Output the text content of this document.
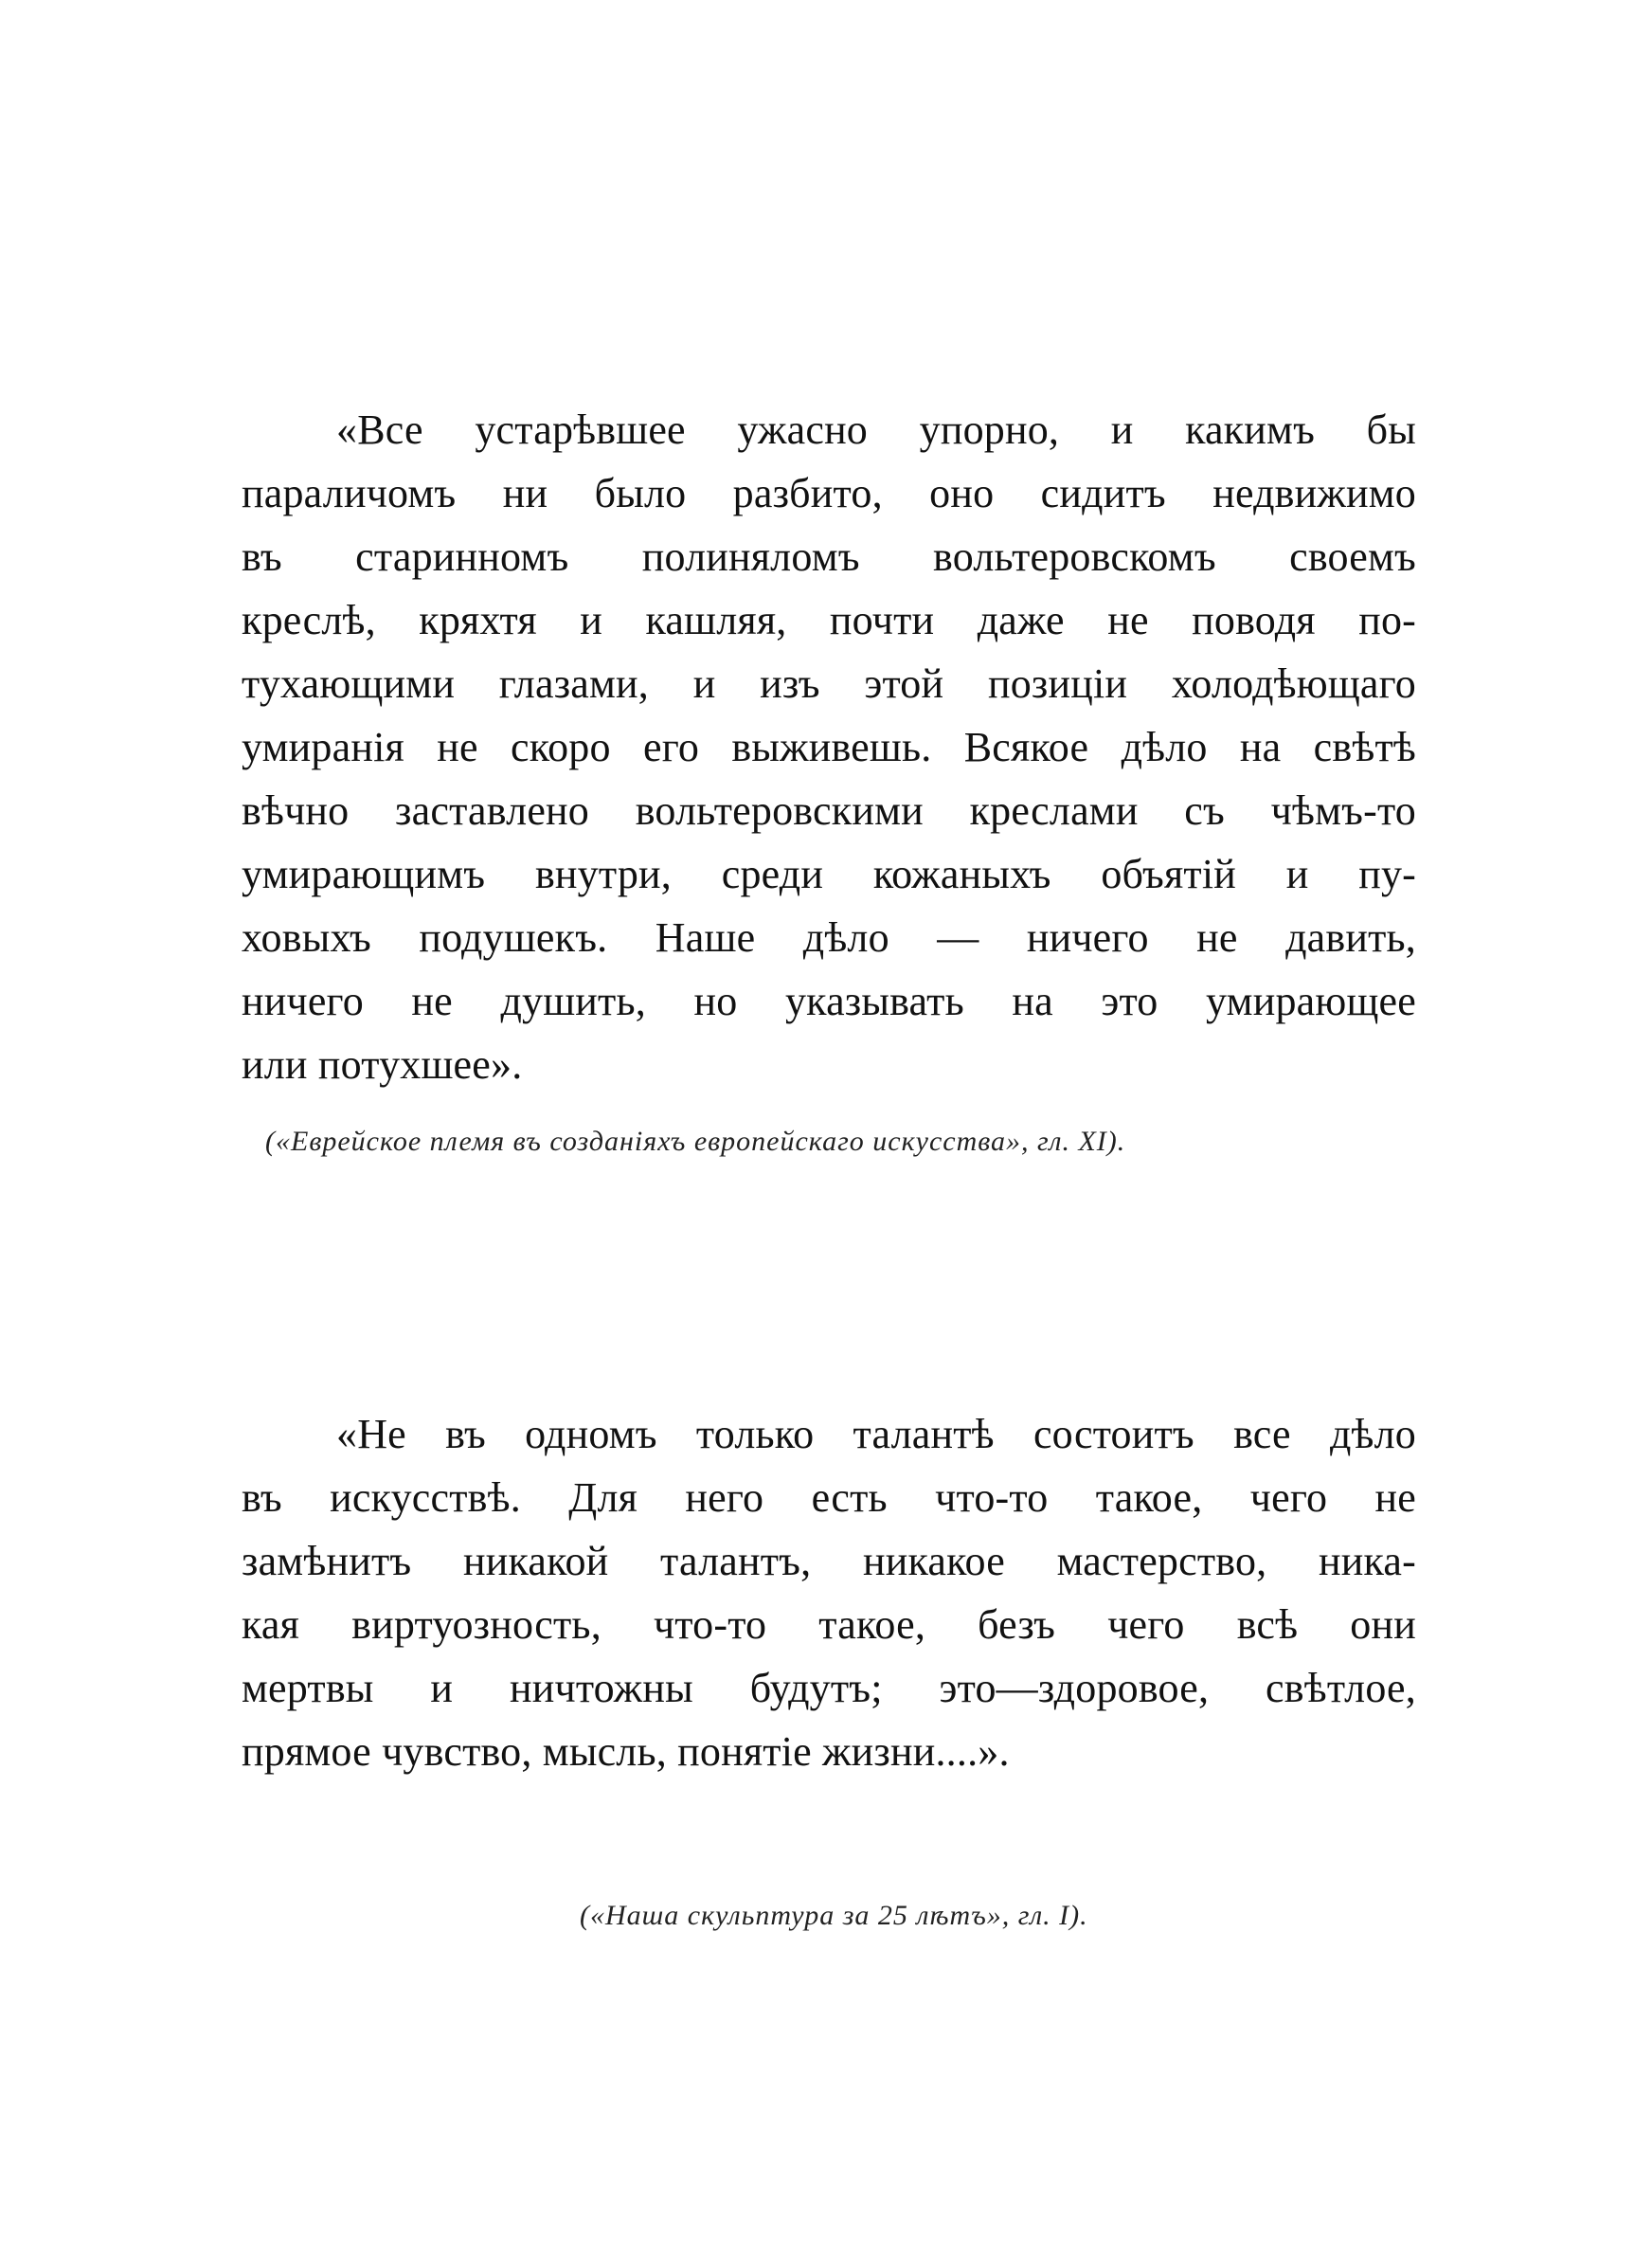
«Все устарѣвшее ужасно упорно, и какимъ бы
параличомъ ни было разбито, оно сидитъ недвижимо
въ старинномъ полиняломъ вольтеровскомъ своемъ
креслѣ, кряхтя и кашляя, почти даже не поводя по-
тухающими глазами, и изъ этой позиціи холодѣющаго
умиранія не скоро его выживешь. Всякое дѣло на свѣтѣ
вѣчно заставлено вольтеровскими креслами съ чѣмъ-то
умирающимъ внутри, среди кожаныхъ объятій и пу-
ховыхъ подушекъ. Наше дѣло — ничего не давить,
ничего не душить, но указывать на это умирающее
или потухшее».
(«Еврейское племя въ созданіяхъ европейскаго искусства», гл. XI).
«Не въ одномъ только талантѣ состоитъ все дѣло
въ искусствѣ. Для него есть что-то такое, чего не
замѣнитъ никакой талантъ, никакое мастерство, ника-
кая виртуозность, что-то такое, безъ чего всѣ они
мертвы и ничтожны будутъ; это—здоровое, свѣтлое,
прямое чувство, мысль, понятіе жизни....».
(«Наша скульптура за 25 лѣтъ», гл. I).
